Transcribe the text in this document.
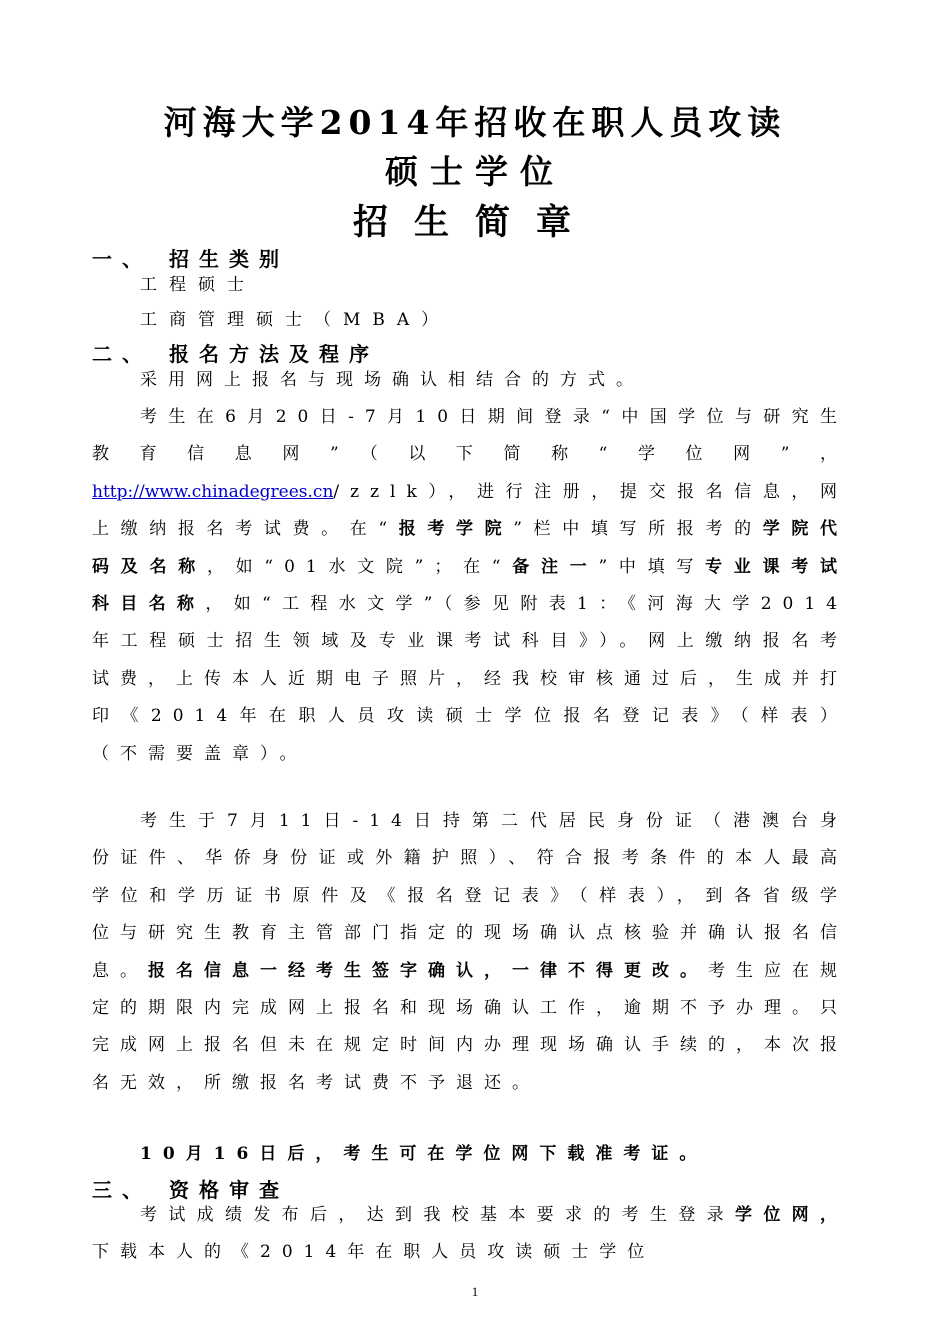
河海大学2014年招收在职人员攻读
硕士学位
招生简章
一、 招生类别
工程硕士
工商管理硕士（MBA）
二、 报名方法及程序
采用网上报名与现场确认相结合的方式。
考生在6月20日-7月10日期间登录“中国学位与研究生教育信息网”（以下简称“学位网”，http://www.chinadegrees.cn/zzlk），进行注册，提交报名信息，网上缴纳报名考试费。在“报考学院”栏中填写所报考的学院代码及名称，如“01水文院”；在“备注一”中填写专业课考试科目名称，如“工程水文学”（参见附表1：《河海大学2014年工程硕士招生领域及专业课考试科目》）。网上缴纳报名考试费，上传本人近期电子照片，经我校审核通过后，生成并打印《2014年在职人员攻读硕士学位报名登记表》（样表）（不需要盖章）。
考生于7月11日-14日持第二代居民身份证（港澳台身份证件、华侨身份证或外籍护照）、符合报考条件的本人最高学位和学历证书原件及《报名登记表》（样表），到各省级学位与研究生教育主管部门指定的现场确认点核验并确认报名信息。报名信息一经考生签字确认，一律不得更改。考生应在规定的期限内完成网上报名和现场确认工作，逾期不予办理。只完成网上报名但未在规定时间内办理现场确认手续的，本次报名无效，所缴报名考试费不予退还。
10月16日后，考生可在学位网下载准考证。
三、 资格审查
考试成绩发布后，达到我校基本要求的考生登录学位网，下载本人的《2014年在职人员攻读硕士学位
1
